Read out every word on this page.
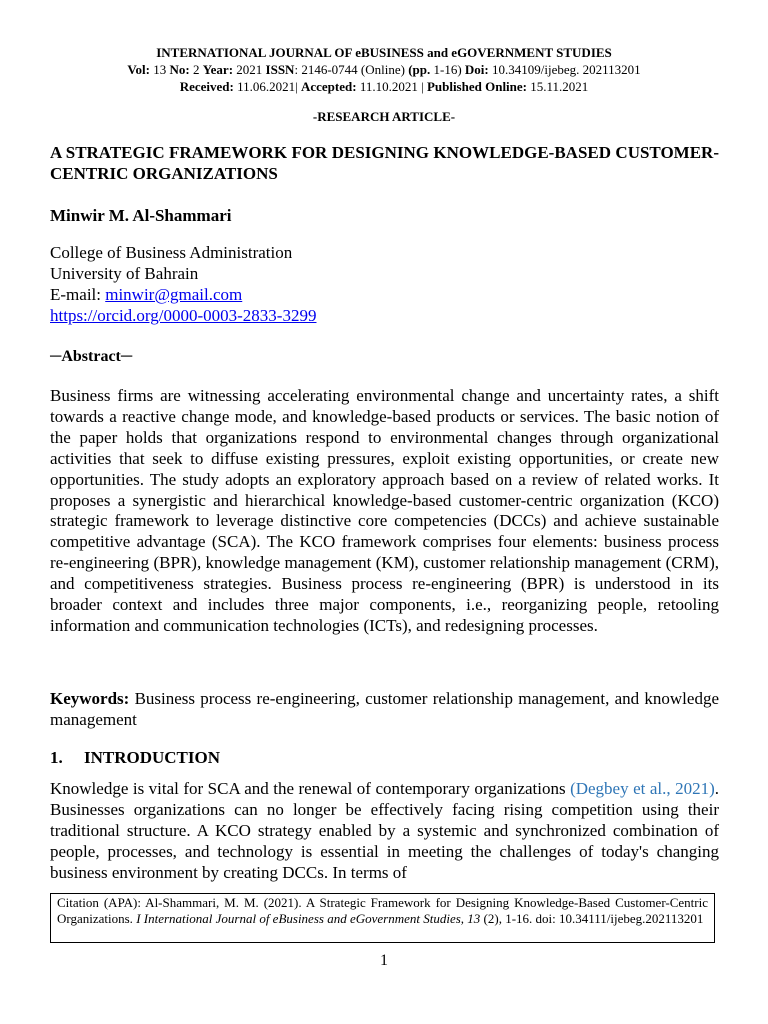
INTERNATIONAL JOURNAL OF eBUSINESS and eGOVERNMENT STUDIES
Vol: 13 No: 2 Year: 2021 ISSN: 2146-0744 (Online) (pp. 1-16) Doi: 10.34109/ijebeg. 202113201
Received: 11.06.2021| Accepted: 11.10.2021 | Published Online: 15.11.2021
-RESEARCH ARTICLE-
A STRATEGIC FRAMEWORK FOR DESIGNING KNOWLEDGE-BASED CUSTOMER-CENTRIC ORGANIZATIONS
Minwir M. Al-Shammari
College of Business Administration
University of Bahrain
E-mail: minwir@gmail.com
https://orcid.org/0000-0003-2833-3299
─Abstract─
Business firms are witnessing accelerating environmental change and uncertainty rates, a shift towards a reactive change mode, and knowledge-based products or services. The basic notion of the paper holds that organizations respond to environmental changes through organizational activities that seek to diffuse existing pressures, exploit existing opportunities, or create new opportunities. The study adopts an exploratory approach based on a review of related works. It proposes a synergistic and hierarchical knowledge-based customer-centric organization (KCO) strategic framework to leverage distinctive core competencies (DCCs) and achieve sustainable competitive advantage (SCA). The KCO framework comprises four elements: business process re-engineering (BPR), knowledge management (KM), customer relationship management (CRM), and competitiveness strategies. Business process re-engineering (BPR) is understood in its broader context and includes three major components, i.e., reorganizing people, retooling information and communication technologies (ICTs), and redesigning processes.
Keywords: Business process re-engineering, customer relationship management, and knowledge management
1. INTRODUCTION
Knowledge is vital for SCA and the renewal of contemporary organizations (Degbey et al., 2021). Businesses organizations can no longer be effectively facing rising competition using their traditional structure. A KCO strategy enabled by a systemic and synchronized combination of people, processes, and technology is essential in meeting the challenges of today's changing business environment by creating DCCs. In terms of
Citation (APA): Al-Shammari, M. M. (2021). A Strategic Framework for Designing Knowledge-Based Customer-Centric Organizations. I International Journal of eBusiness and eGovernment Studies, 13 (2), 1-16. doi: 10.34111/ijebeg.202113201
1
